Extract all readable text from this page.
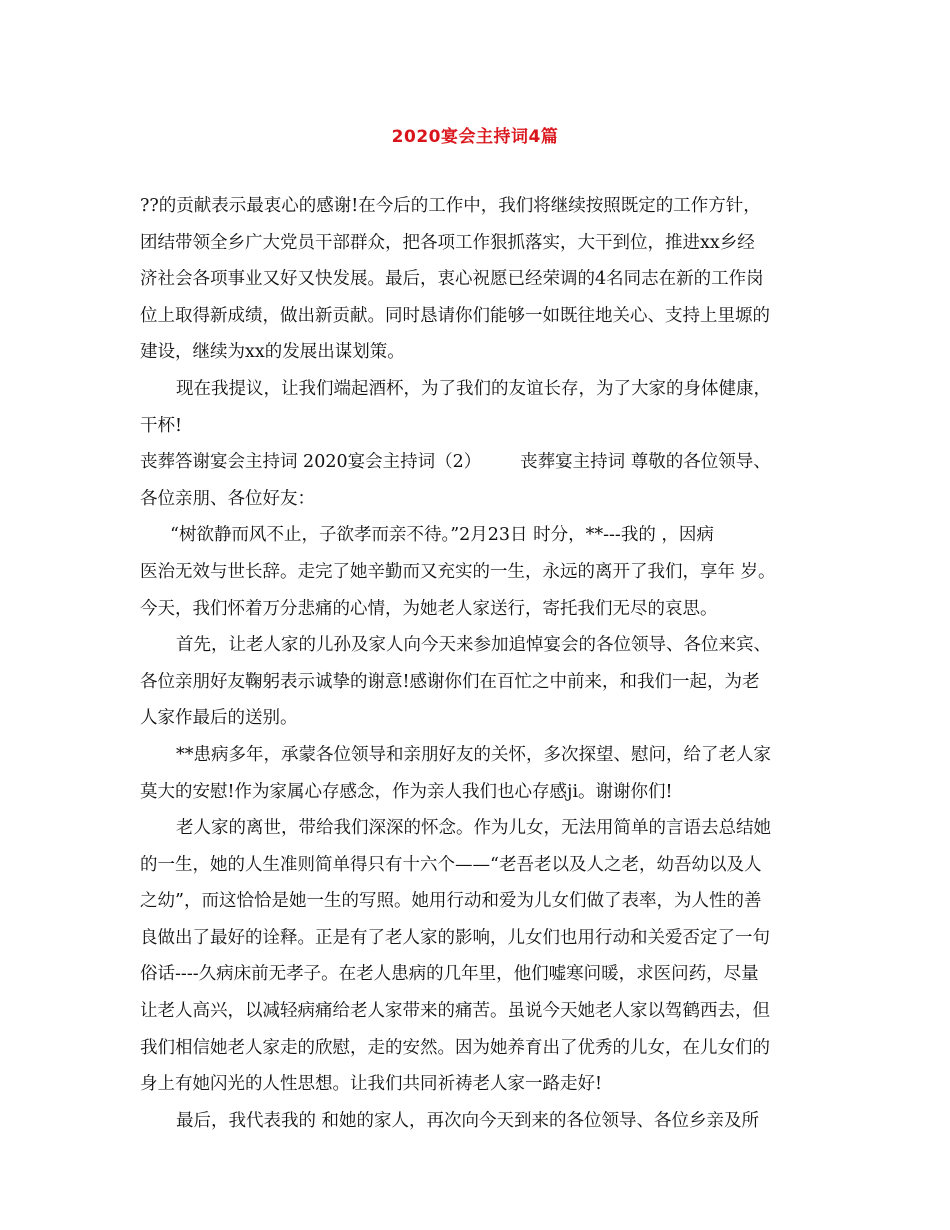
2020宴会主持词4篇
??的贡献表示最衷心的感谢!在今后的工作中，我们将继续按照既定的工作方针，
团结带领全乡广大党员干部群众，把各项工作狠抓落实，大干到位，推进xx乡经
济社会各项事业又好又快发展。最后，衷心祝愿已经荣调的4名同志在新的工作岗
位上取得新成绩，做出新贡献。同时恳请你们能够一如既往地关心、支持上里塬的
建设，继续为xx的发展出谋划策。
现在我提议，让我们端起酒杯，为了我们的友谊长存，为了大家的身体健康，
干杯!
丧葬答谢宴会主持词 2020宴会主持词（2）       丧葬宴主持词 尊敬的各位领导、
各位亲朋、各位好友：
“树欲静而风不止，子欲孝而亲不待。”2月23日 时分，**---我的 ，因病
医治无效与世长辞。走完了她辛勤而又充实的一生，永远的离开了我们，享年 岁。
今天，我们怀着万分悲痛的心情，为她老人家送行，寄托我们无尽的哀思。
首先，让老人家的儿孙及家人向今天来参加追悼宴会的各位领导、各位来宾、
各位亲朋好友鞠躬表示诚挚的谢意!感谢你们在百忙之中前来，和我们一起，为老
人家作最后的送别。
**患病多年，承蒙各位领导和亲朋好友的关怀，多次探望、慰问，给了老人家
莫大的安慰!作为家属心存感念，作为亲人我们也心存感ji。谢谢你们!
老人家的离世，带给我们深深的怀念。作为儿女，无法用简单的言语去总结她
的一生，她的人生准则简单得只有十六个——“老吾老以及人之老，幼吾幼以及人
之幼”，而这恰恰是她一生的写照。她用行动和爱为儿女们做了表率，为人性的善
良做出了最好的诠释。正是有了老人家的影响，儿女们也用行动和关爱否定了一句
俗话----久病床前无孝子。在老人患病的几年里，他们嘘寒问暖，求医问药，尽量
让老人高兴，以减轻病痛给老人家带来的痛苦。虽说今天她老人家以驾鹤西去，但
我们相信她老人家走的欣慰，走的安然。因为她养育出了优秀的儿女，在儿女们的
身上有她闪光的人性思想。让我们共同祈祷老人家一路走好!
最后，我代表我的 和她的家人，再次向今天到来的各位领导、各位乡亲及所
